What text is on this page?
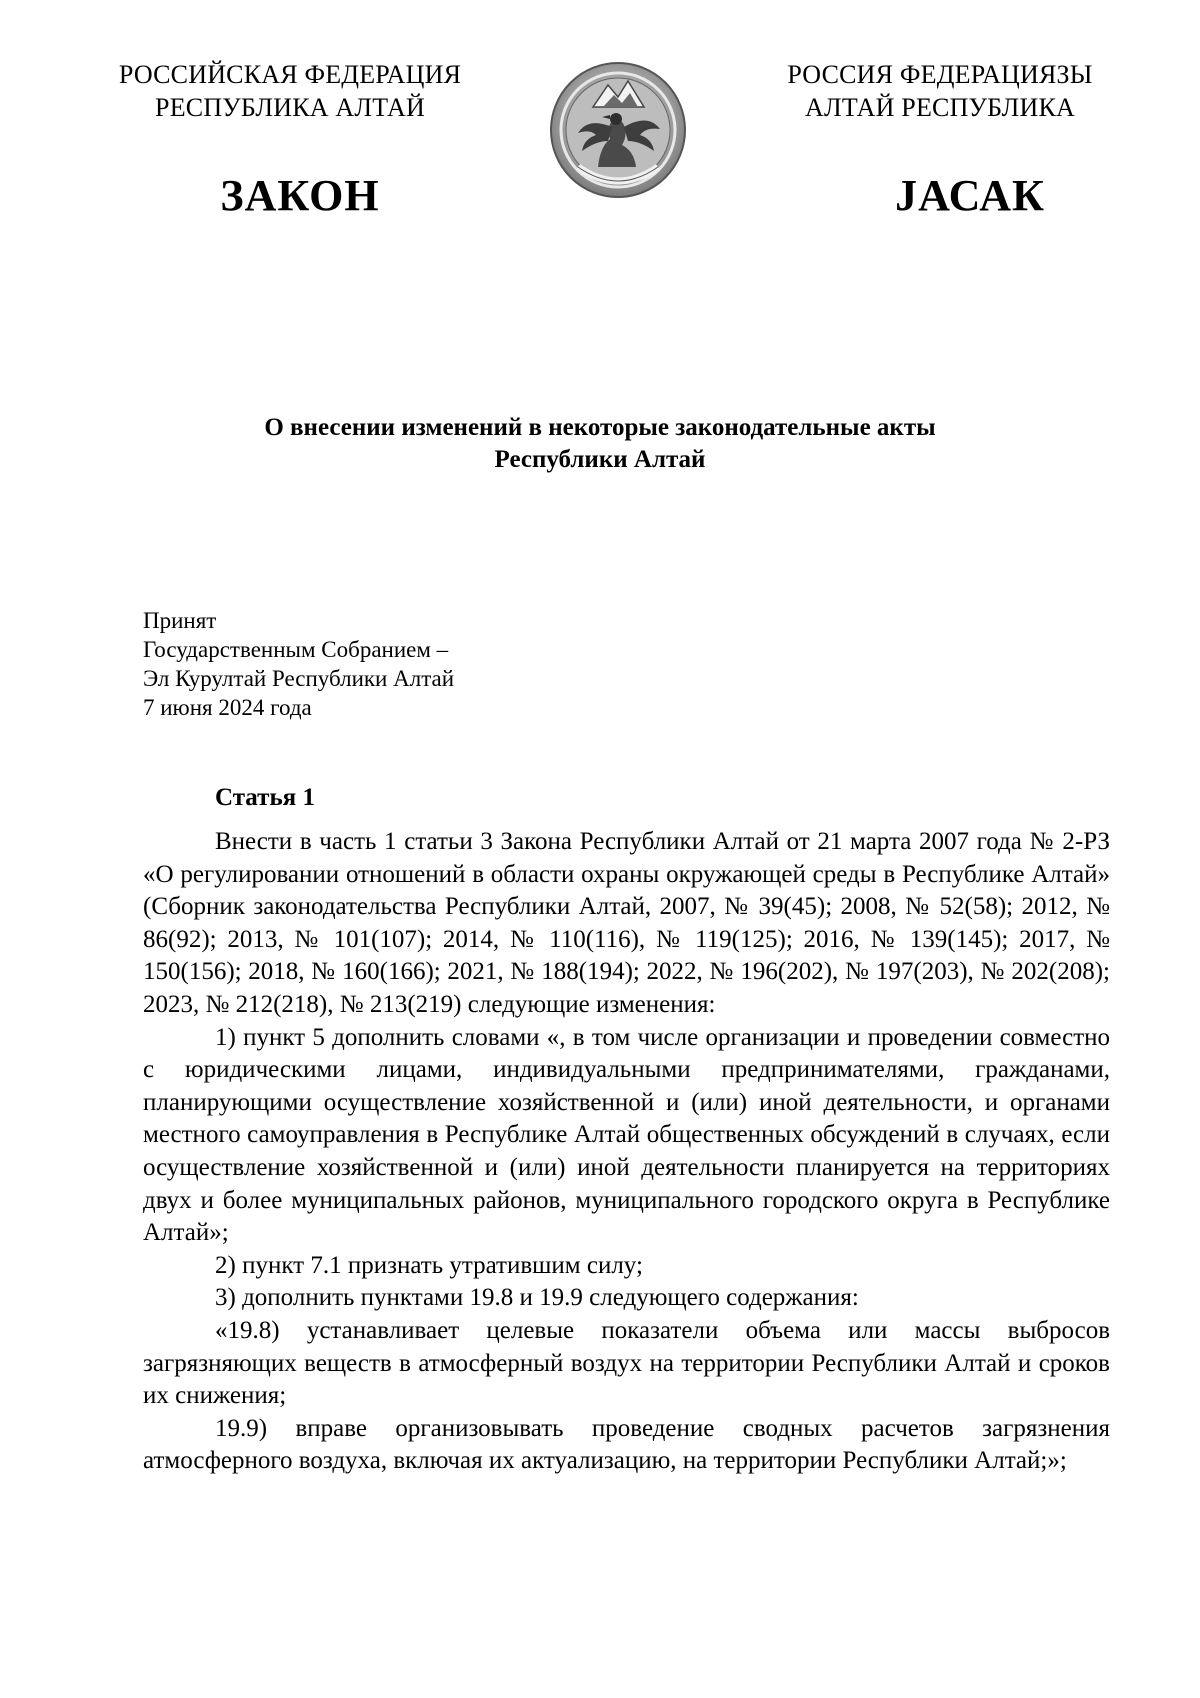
РОССИЙСКАЯ ФЕДЕРАЦИЯ
РЕСПУБЛИКА АЛТАЙ
РОССИЯ ФЕДЕРАЦИЯЗЫ
АЛТАЙ РЕСПУБЛИКА
ЗАКОН	ЈАСАК
О внесении изменений в некоторые законодательные акты
Республики Алтай
Принят
Государственным Собранием –
Эл Курултай Республики Алтай
7 июня 2024 года
Статья 1

Внести в часть 1 статьи 3 Закона Республики Алтай от 21 марта 2007 года № 2-РЗ «О регулировании отношений в области охраны окружающей среды в Республике Алтай» (Сборник законодательства Республики Алтай, 2007, № 39(45); 2008, № 52(58); 2012, № 86(92); 2013, № 101(107); 2014, № 110(116), № 119(125); 2016, № 139(145); 2017, № 150(156); 2018, № 160(166); 2021, № 188(194); 2022, № 196(202), № 197(203), № 202(208); 2023, № 212(218), № 213(219) следующие изменения:

1) пункт 5 дополнить словами «, в том числе организации и проведении совместно с юридическими лицами, индивидуальными предпринимателями, гражданами, планирующими осуществление хозяйственной и (или) иной деятельности, и органами местного самоуправления в Республике Алтай общественных обсуждений в случаях, если осуществление хозяйственной и (или) иной деятельности планируется на территориях двух и более муниципальных районов, муниципального городского округа в Республике Алтай»;

2) пункт 7.1 признать утратившим силу;

3) дополнить пунктами 19.8 и 19.9 следующего содержания:

«19.8) устанавливает целевые показатели объема или массы выбросов загрязняющих веществ в атмосферный воздух на территории Республики Алтай и сроков их снижения;

19.9) вправе организовывать проведение сводных расчетов загрязнения атмосферного воздуха, включая их актуализацию, на территории Республики Алтай;»;
